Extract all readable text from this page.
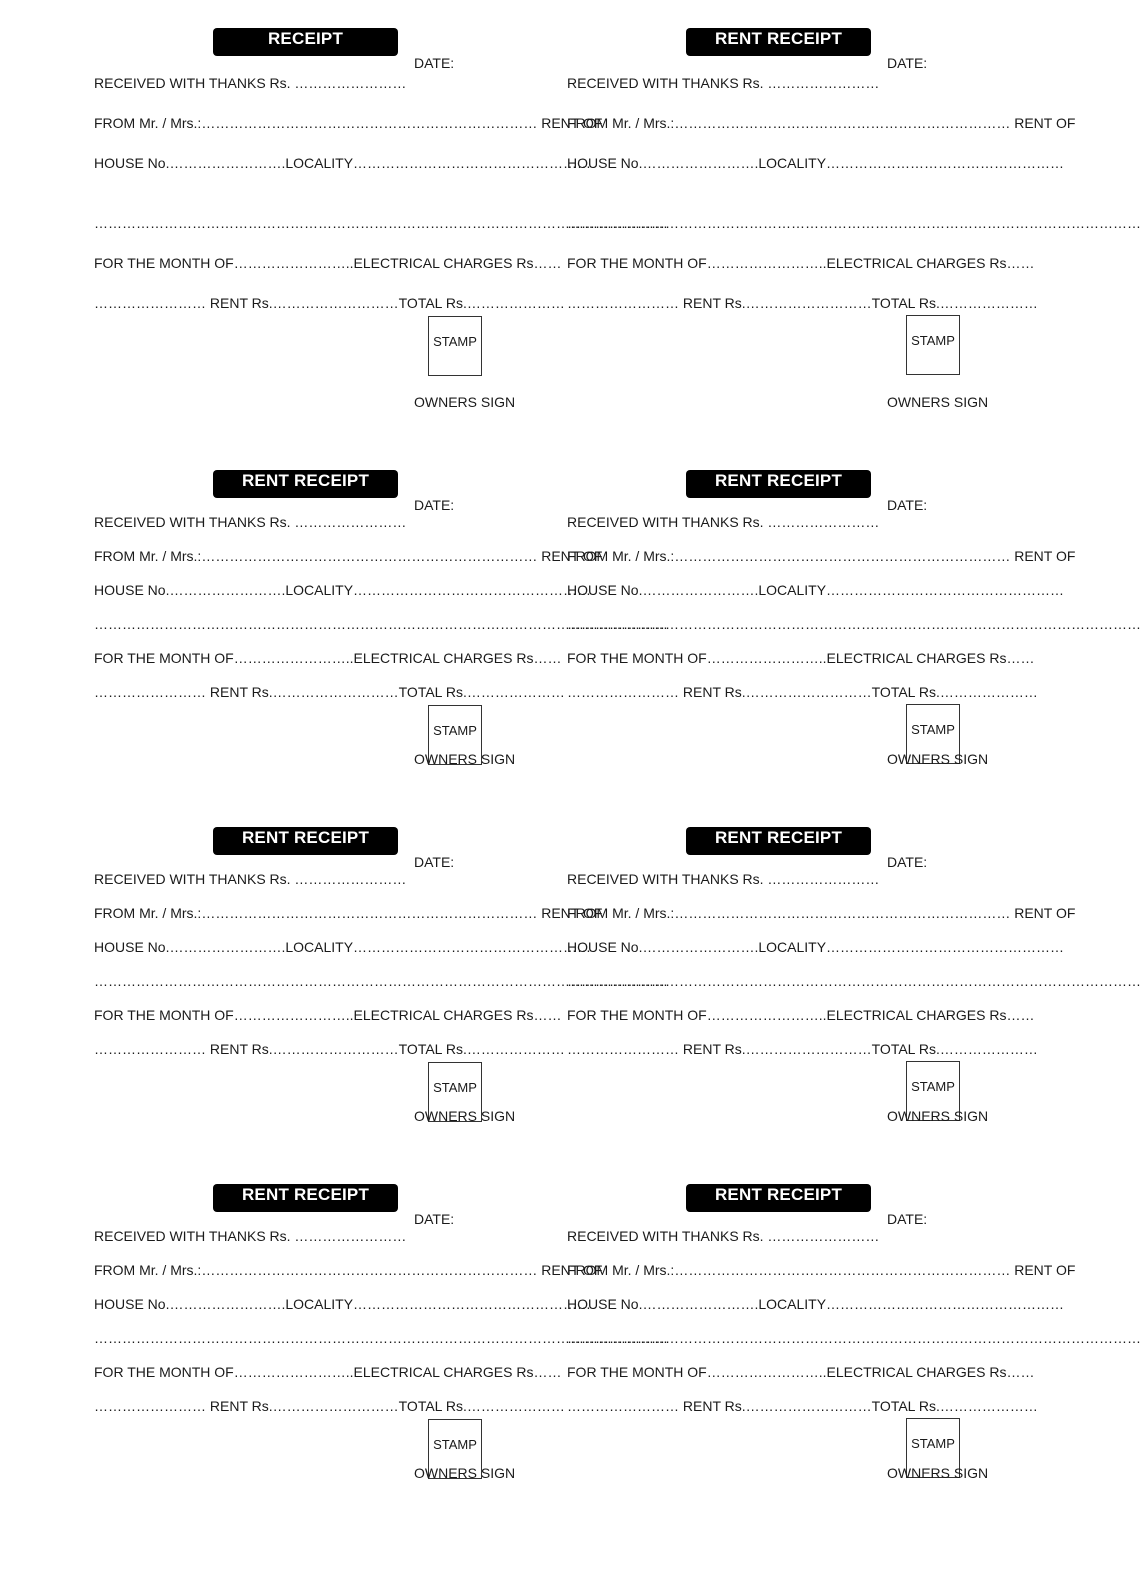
RECEIPT
DATE:
RECEIVED WITH THANKS Rs. ……………………
FROM Mr. / Mrs.:……………………………………………………………… RENT OF
HOUSE No.…………………….LOCALITY……………………………………………
……………………………………………………………………………………………………………
FOR THE MONTH OF……………………..ELECTRICAL CHARGES Rs……
…………………… RENT Rs.………………………TOTAL Rs.…………………
STAMP
OWNERS SIGN
RENT RECEIPT
DATE:
RECEIVED WITH THANKS Rs. ……………………
FROM Mr. / Mrs.:……………………………………………………………… RENT OF
HOUSE No.…………………….LOCALITY……………………………………………
……………………………………………………………………………………………………………
FOR THE MONTH OF……………………..ELECTRICAL CHARGES Rs……
…………………… RENT Rs.………………………TOTAL Rs.…………………
STAMP
OWNERS SIGN
RENT RECEIPT
DATE:
RECEIVED WITH THANKS Rs. ……………………
FROM Mr. / Mrs.:……………………………………………………………… RENT OF
HOUSE No.…………………….LOCALITY……………………………………………
……………………………………………………………………………………………………………
FOR THE MONTH OF……………………..ELECTRICAL CHARGES Rs……
…………………… RENT Rs.………………………TOTAL Rs.…………………
STAMP
OWNERS SIGN
RENT RECEIPT
DATE:
RECEIVED WITH THANKS Rs. ……………………
FROM Mr. / Mrs.:……………………………………………………………… RENT OF
HOUSE No.…………………….LOCALITY……………………………………………
……………………………………………………………………………………………………………
FOR THE MONTH OF……………………..ELECTRICAL CHARGES Rs……
…………………… RENT Rs.………………………TOTAL Rs.…………………
STAMP
OWNERS SIGN
RENT RECEIPT
DATE:
RECEIVED WITH THANKS Rs. ……………………
FROM Mr. / Mrs.:……………………………………………………………… RENT OF
HOUSE No.…………………….LOCALITY……………………………………………
……………………………………………………………………………………………………………
FOR THE MONTH OF……………………..ELECTRICAL CHARGES Rs……
…………………… RENT Rs.………………………TOTAL Rs.…………………
STAMP
OWNERS SIGN
RENT RECEIPT
DATE:
RECEIVED WITH THANKS Rs. ……………………
FROM Mr. / Mrs.:……………………………………………………………… RENT OF
HOUSE No.…………………….LOCALITY……………………………………………
……………………………………………………………………………………………………………
FOR THE MONTH OF……………………..ELECTRICAL CHARGES Rs……
…………………… RENT Rs.………………………TOTAL Rs.…………………
STAMP
OWNERS SIGN
RENT RECEIPT
DATE:
RECEIVED WITH THANKS Rs. ……………………
FROM Mr. / Mrs.:……………………………………………………………… RENT OF
HOUSE No.…………………….LOCALITY……………………………………………
……………………………………………………………………………………………………………
FOR THE MONTH OF……………………..ELECTRICAL CHARGES Rs……
…………………… RENT Rs.………………………TOTAL Rs.…………………
STAMP
OWNERS SIGN
RENT RECEIPT
DATE:
RECEIVED WITH THANKS Rs. ……………………
FROM Mr. / Mrs.:……………………………………………………………… RENT OF
HOUSE No.…………………….LOCALITY……………………………………………
……………………………………………………………………………………………………………
FOR THE MONTH OF……………………..ELECTRICAL CHARGES Rs……
…………………… RENT Rs.………………………TOTAL Rs.…………………
STAMP
OWNERS SIGN
